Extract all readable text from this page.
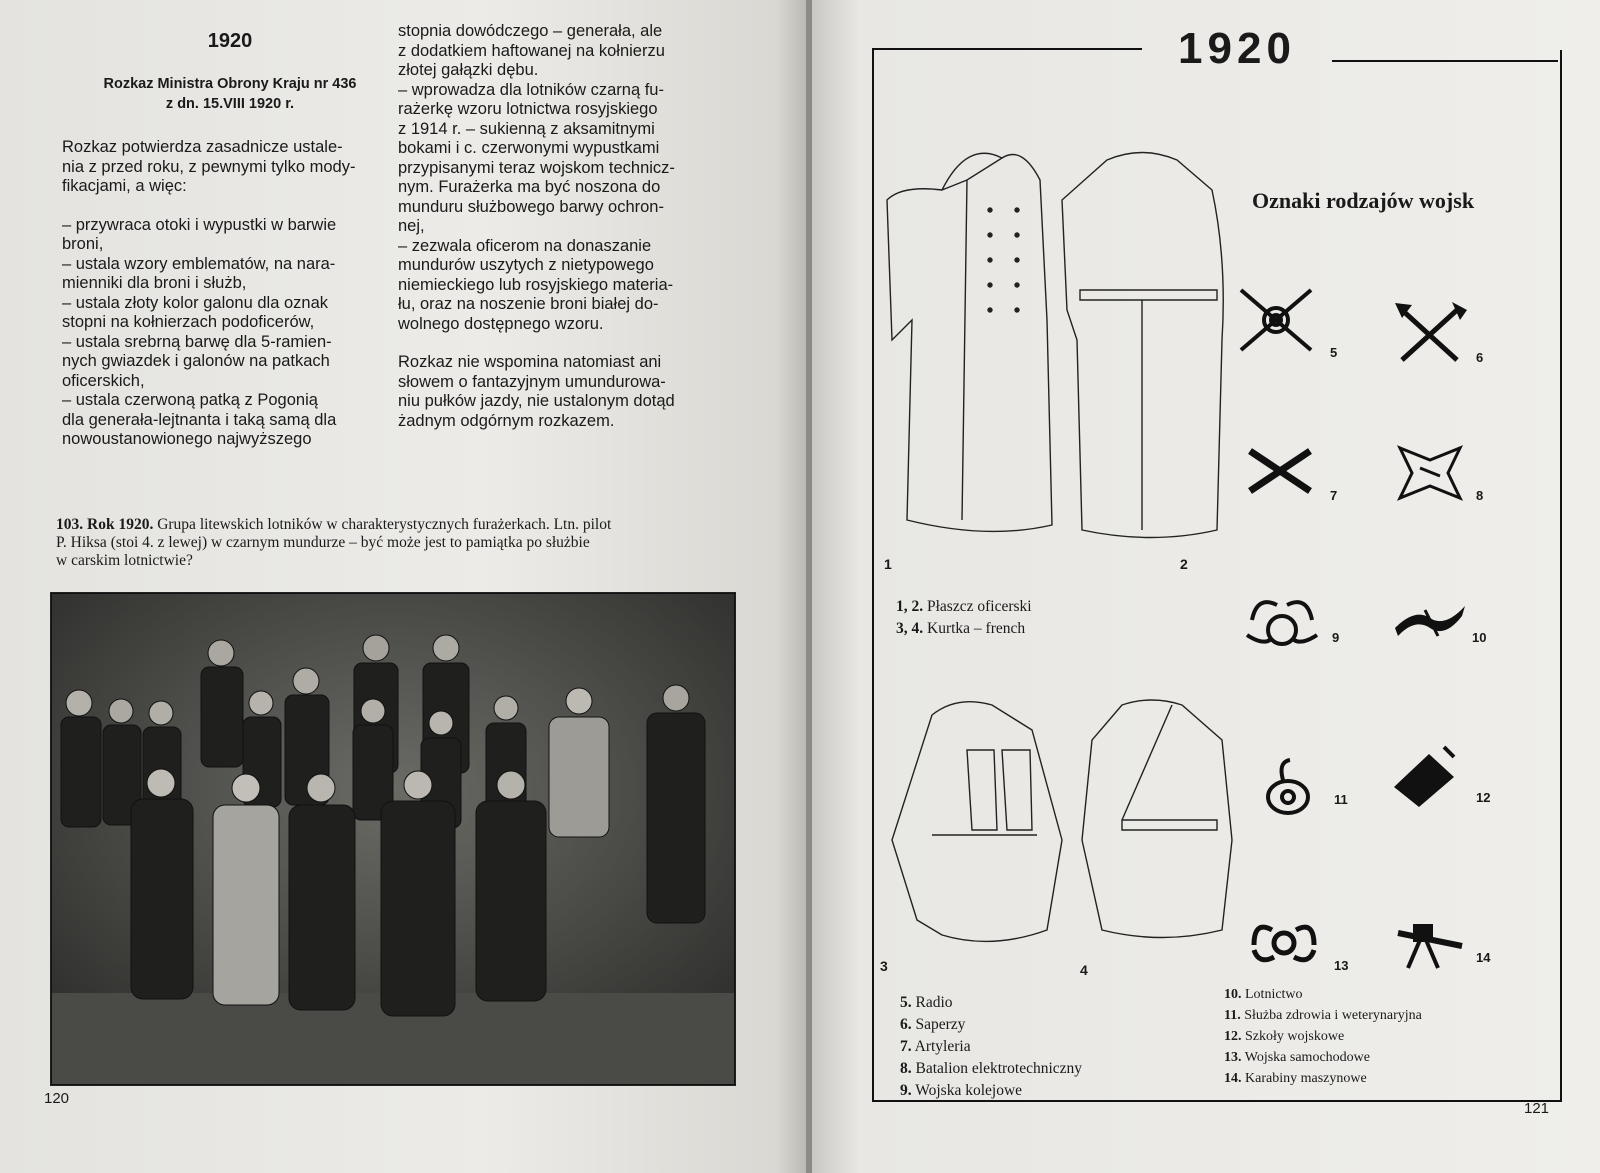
1920
Rozkaz Ministra Obrony Kraju nr 436
z dn. 15.VIII 1920 r.

Rozkaz potwierdza zasadnicze ustale-

nia z przed roku, z pewnymi tylko mody-

fikacjami, a więc:

– przywraca otoki i wypustki w barwie

broni,

– ustala wzory emblematów, na nara-

mienniki dla broni i służb,

– ustala złoty kolor galonu dla oznak

stopni na kołnierzach podoficerów,

– ustala srebrną barwę dla 5-ramien-

nych gwiazdek i galonów na patkach

oficerskich,

– ustala czerwoną patką z Pogonią

dla generała-lejtnanta i taką samą dla

nowoustanowionego najwyższego

stopnia dowódczego – generała, ale

z dodatkiem haftowanej na kołnierzu

złotej gałązki dębu.

– wprowadza dla lotników czarną fu-

rażerkę wzoru lotnictwa rosyjskiego

z 1914 r. – sukienną z aksamitnymi

bokami i c. czerwonymi wypustkami

przypisanymi teraz wojskom technicz-

nym. Furażerka ma być noszona do

munduru służbowego barwy ochron-

nej,

– zezwala oficerom na donaszanie

mundurów uszytych z nietypowego

niemieckiego lub rosyjskiego materia-

łu, oraz na noszenie broni białej do-

wolnego dostępnego wzoru.

Rozkaz nie wspomina natomiast ani

słowem o fantazyjnym umundurowa-

niu pułków jazdy, nie ustalonym dotąd

żadnym odgórnym rozkazem.

103. Rok 1920. Grupa litewskich lotników w charakterystycznych furażerkach. Ltn. pilot
P. Hiksa (stoi 4. z lewej) w czarnym mundurze – być może jest to pamiątka po służbie
w carskim lotnictwie?
120
1920
Oznaki rodzajów wojsk
1	2
3	4
1, 2. Płaszcz oficerski
3, 4. Kurtka – french
5	6
7	8
9	10
11	12
13
14
5. Radio
6. Saperzy
7. Artyleria
8. Batalion elektrotechniczny
9. Wojska kolejowe
10. Lotnictwo
11. Służba zdrowia i weterynaryjna
12. Szkoły wojskowe
13. Wojska samochodowe
14. Karabiny maszynowe
121
